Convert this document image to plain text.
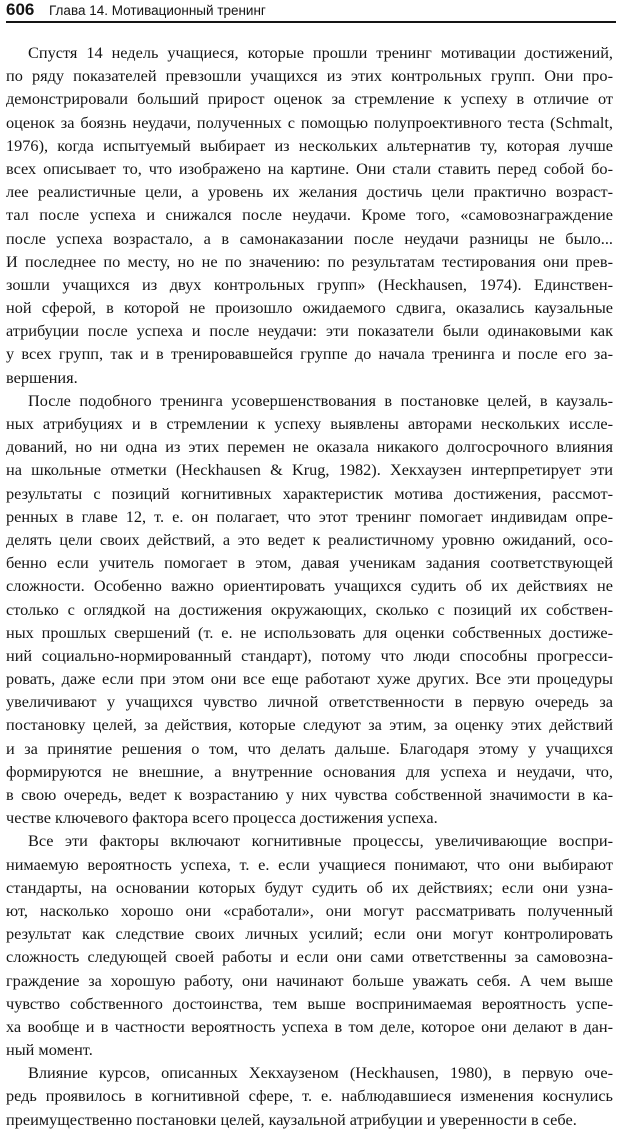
606 Глава 14. Мотивационный тренинг
Спустя 14 недель учащиеся, которые прошли тренинг мотивации достижений,
по ряду показателей превзошли учащихся из этих контрольных групп. Они про-
демонстрировали больший прирост оценок за стремление к успеху в отличие от
оценок за боязнь неудачи, полученных с помощью полупроективного теста (Schmalt,
1976), когда испытуемый выбирает из нескольких альтернатив ту, которая лучше
всех описывает то, что изображено на картине. Они стали ставить перед собой бо-
лее реалистичные цели, а уровень их желания достичь цели практично возраст-
тал после успеха и снижался после неудачи. Кроме того, «самовознаграждение
после успеха возрастало, а в самонаказании после неудачи разницы не было...
И последнее по месту, но не по значению: по результатам тестирования они прев-
зошли учащихся из двух контрольных групп» (Heckhausen, 1974). Единствен-
ной сферой, в которой не произошло ожидаемого сдвига, оказались каузальные
атрибуции после успеха и после неудачи: эти показатели были одинаковыми как
у всех групп, так и в тренировавшейся группе до начала тренинга и после его за-
вершения.
После подобного тренинга усовершенствования в постановке целей, в каузаль-
ных атрибуциях и в стремлении к успеху выявлены авторами нескольких иссле-
дований, но ни одна из этих перемен не оказала никакого долгосрочного влияния
на школьные отметки (Heckhausen & Krug, 1982). Хекхаузен интерпретирует эти
результаты с позиций когнитивных характеристик мотива достижения, рассмот-
ренных в главе 12, т. е. он полагает, что этот тренинг помогает индивидам опре-
делять цели своих действий, а это ведет к реалистичному уровню ожиданий, осо-
бенно если учитель помогает в этом, давая ученикам задания соответствующей
сложности. Особенно важно ориентировать учащихся судить об их действиях не
столько с оглядкой на достижения окружающих, сколько с позиций их собствен-
ных прошлых свершений (т. е. не использовать для оценки собственных достиже-
ний социально-нормированный стандарт), потому что люди способны прогресси-
ровать, даже если при этом они все еще работают хуже других. Все эти процедуры
увеличивают у учащихся чувство личной ответственности в первую очередь за
постановку целей, за действия, которые следуют за этим, за оценку этих действий
и за принятие решения о том, что делать дальше. Благодаря этому у учащихся
формируются не внешние, а внутренние основания для успеха и неудачи, что,
в свою очередь, ведет к возрастанию у них чувства собственной значимости в ка-
честве ключевого фактора всего процесса достижения успеха.
Все эти факторы включают когнитивные процессы, увеличивающие воспри-
нимаемую вероятность успеха, т. е. если учащиеся понимают, что они выбирают
стандарты, на основании которых будут судить об их действиях; если они узна-
ют, насколько хорошо они «сработали», они могут рассматривать полученный
результат как следствие своих личных усилий; если они могут контролировать
сложность следующей своей работы и если они сами ответственны за самовозна-
граждение за хорошую работу, они начинают больше уважать себя. А чем выше
чувство собственного достоинства, тем выше воспринимаемая вероятность успе-
ха вообще и в частности вероятность успеха в том деле, которое они делают в дан-
ный момент.
Влияние курсов, описанных Хекхаузеном (Heckhausen, 1980), в первую оче-
редь проявилось в когнитивной сфере, т. е. наблюдавшиеся изменения коснулись
преимущественно постановки целей, каузальной атрибуции и уверенности в себе.
